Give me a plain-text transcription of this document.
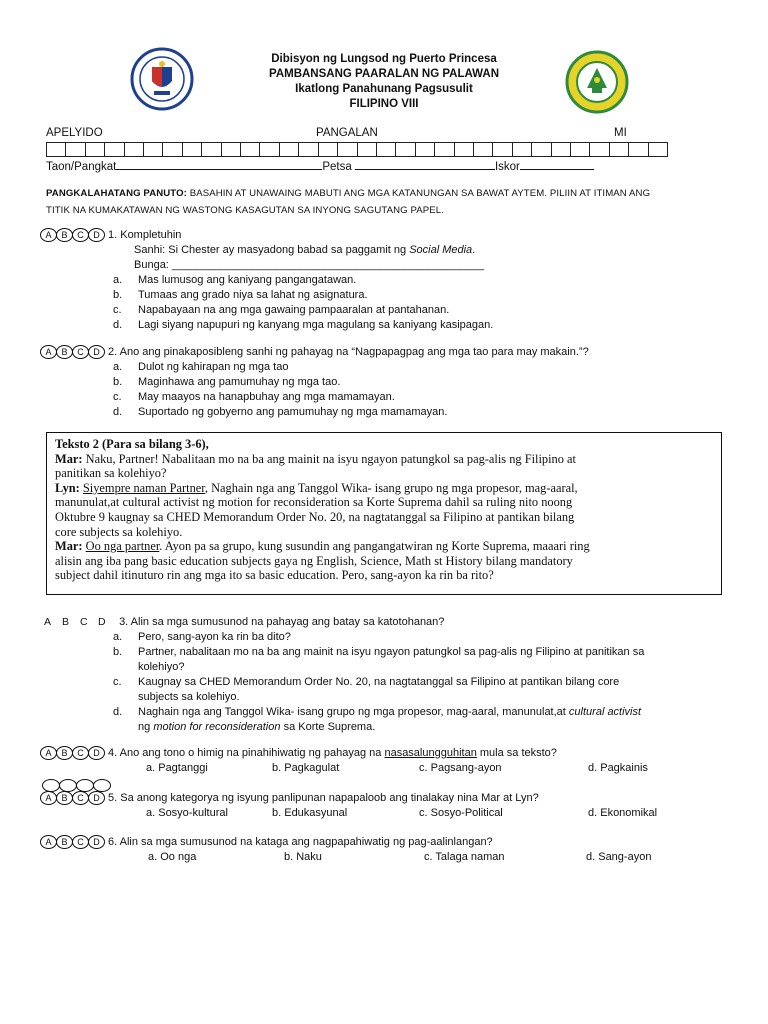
Dibisyon ng Lungsod ng Puerto Princesa
PAMBANSANG PAARALAN NG PALAWAN
Ikatlong Panahunang Pagsusulit
FILIPINO VIII
APELYIDO	PANGALAN	MI
Taon/Pangkat	Petsa	Iskor
PANGKALAHATANG PANUTO: BASAHIN AT UNAWAING MABUTI ANG MGA KATANUNGAN SA BAWAT AYTEM. PILIIN AT ITIMAN ANG
TITIK NA KUMAKATAWAN NG WASTONG KASAGUTAN SA INYONG SAGUTANG PAPEL.
A	B	C	D 1. Kompletuhin
Sanhi: Si Chester ay masyadong babad sa paggamit ng Social Media.
Bunga: ___________________________________________________
a.	Mas lumusog ang kaniyang pangangatawan.
b.	Tumaas ang grado niya sa lahat ng asignatura.
c.	Napabayaan na ang mga gawaing pampaaralan at pantahanan.
d.	Lagi siyang napupuri ng kanyang mga magulang sa kaniyang kasipagan.
A	B	C	D 2. Ano ang pinakaposibleng sanhi ng pahayag na “Nagpapagpag ang mga tao para may makain.”?
a.	Dulot ng kahirapan ng mga tao
b.	Maginhawa ang pamumuhay ng mga tao.
c.	May maayos na hanapbuhay ang mga mamamayan.
d.	Suportado ng gobyerno ang pamumuhay ng mga mamamayan.
Teksto 2 (Para sa bilang 3-6),
Mar: Naku, Partner! Nabalitaan mo na ba ang mainit na isyu ngayon patungkol sa pag-alis ng Filipino at
panitikan sa kolehiyo?
Lyn: Siyempre naman Partner, Naghain nga ang Tanggol Wika- isang grupo ng mga propesor, mag-aaral,
manunulat,at cultural activist ng motion for reconsideration sa Korte Suprema dahil sa ruling nito noong
Oktubre 9 kaugnay sa CHED Memorandum Order No. 20, na nagtatanggal sa Filipino at pantikan bilang
core subjects sa kolehiyo.
Mar: Oo nga partner. Ayon pa sa grupo, kung susundin ang pangangatwiran ng Korte Suprema, maaari ring
alisin ang iba pang basic education subjects gaya ng English, Science, Math st History bilang mandatory
subject dahil itinuturo rin ang mga ito sa basic education. Pero, sang-ayon ka rin ba rito?
A B C D 3. Alin sa mga sumusunod na pahayag ang batay sa katotohanan?
a.	Pero, sang-ayon ka rin ba dito?
b.	Partner, nabalitaan mo na ba ang mainit na isyu ngayon patungkol sa pag-alis ng Filipino at panitikan sa
kolehiyo?
c.	Kaugnay sa CHED Memorandum Order No. 20, na nagtatanggal sa Filipino at pantikan bilang core
subjects sa kolehiyo.
d.	Naghain nga ang Tanggol Wika- isang grupo ng mga propesor, mag-aaral, manunulat,at cultural activist
ng motion for reconsideration sa Korte Suprema.
A	B	C	D 4. Ano ang tono o himig na pinahihiwatig ng pahayag na nasasalungguhitan mula sa teksto?
a. Pagtanggi	b. Pagkagulat	c. Pagsang-ayon	d. Pagkainis
A	B	C	D 5. Sa anong kategorya ng isyung panlipunan napapaloob ang tinalakay nina Mar at Lyn?
a. Sosyo-kultural	b. Edukasyunal	c. Sosyo-Political	d. Ekonomikal
A	B	C	D 6. Alin sa mga sumusunod na kataga ang nagpapahiwatig ng pag-aalinlangan?
a. Oo nga	b. Naku	c. Talaga naman	d. Sang-ayon
